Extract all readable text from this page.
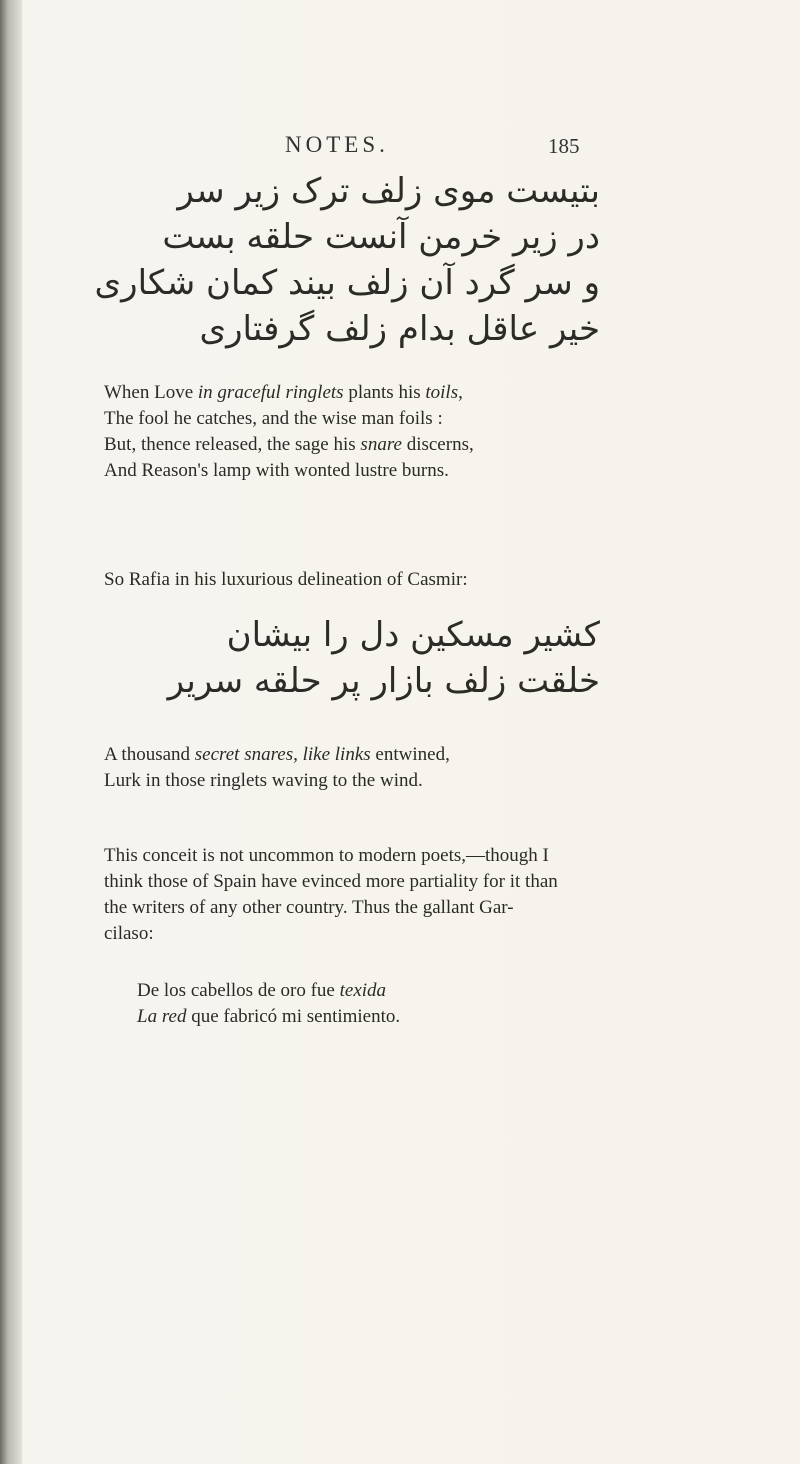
NOTES.	185
بتیست موی زلف ترک زیر سر
در زیر خرمن آنست حلقه بست
و سر گرد آن زلف بیند کمان شکاری
خیر عاقل بدام زلف گرفتاری
When Love in graceful ringlets plants his toils,
The fool he catches, and the wise man foils :
But, thence released, the sage his snare discerns,
And Reason's lamp with wonted lustre burns.
So Rafia in his luxurious delineation of Casmir:
کشیر مسکین دل را بیشان
خلقت زلف بازار پر حلقه سریر
A thousand secret snares, like links entwined,
Lurk in those ringlets waving to the wind.
This conceit is not uncommon to modern poets,—though I
think those of Spain have evinced more partiality for it than
the writers of any other country. Thus the gallant Gar-
cilaso:
De los cabellos de oro fue texida
La red que fabricó mi sentimiento.
